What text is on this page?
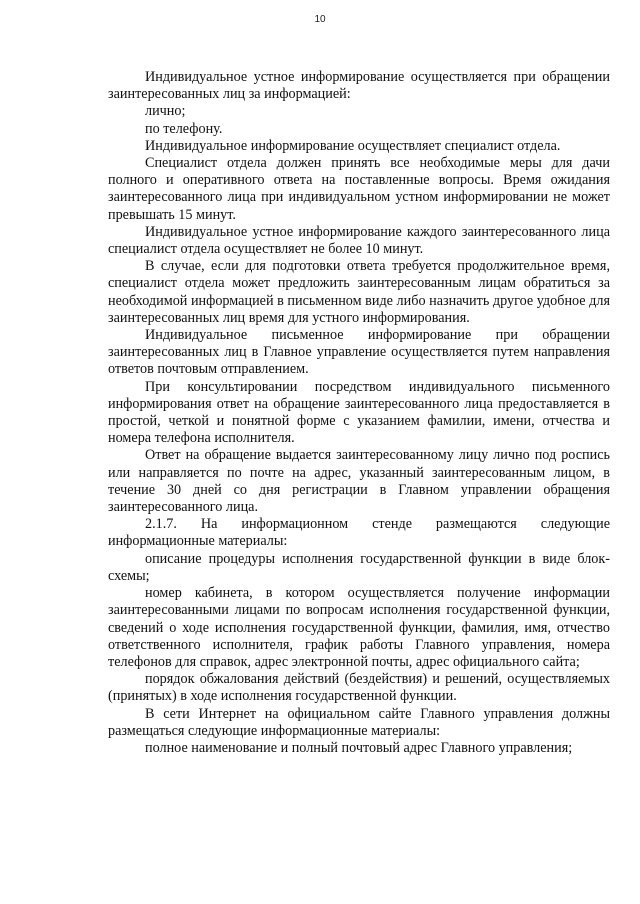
10

Индивидуальное устное информирование осуществляется при обращении заинтересованных лиц за информацией:

лично;

по телефону.

Индивидуальное информирование осуществляет специалист отдела.

Специалист отдела должен принять все необходимые меры для дачи полного и оперативного ответа на поставленные вопросы. Время ожидания заинтересованного лица при индивидуальном устном информировании не может превышать 15 минут.

Индивидуальное устное информирование каждого заинтересованного лица специалист отдела осуществляет не более 10 минут.

В случае, если для подготовки ответа требуется продолжительное время, специалист отдела может предложить заинтересованным лицам обратиться за необходимой информацией в письменном виде либо назначить другое удобное для заинтересованных лиц время для устного информирования.

Индивидуальное письменное информирование при обращении заинтересованных лиц в Главное управление осуществляется путем направления ответов почтовым отправлением.

При консультировании посредством индивидуального письменного информирования ответ на обращение заинтересованного лица предоставляется в простой, четкой и понятной форме с указанием фамилии, имени, отчества и номера телефона исполнителя.

Ответ на обращение выдается заинтересованному лицу лично под роспись или направляется по почте на адрес, указанный заинтересованным лицом, в течение 30 дней со дня регистрации в Главном управлении обращения заинтересованного лица.

2.1.7. На информационном стенде размещаются следующие информационные материалы:

описание процедуры исполнения государственной функции в виде блок-схемы;

номер кабинета, в котором осуществляется получение информации заинтересованными лицами по вопросам исполнения государственной функции, сведений о ходе исполнения государственной функции, фамилия, имя, отчество ответственного исполнителя, график работы Главного управления, номера телефонов для справок, адрес электронной почты, адрес официального сайта;

порядок обжалования действий (бездействия) и решений, осуществляемых (принятых) в ходе исполнения государственной функции.

В сети Интернет на официальном сайте Главного управления должны размещаться следующие информационные материалы:

полное наименование и полный почтовый адрес Главного управления;
